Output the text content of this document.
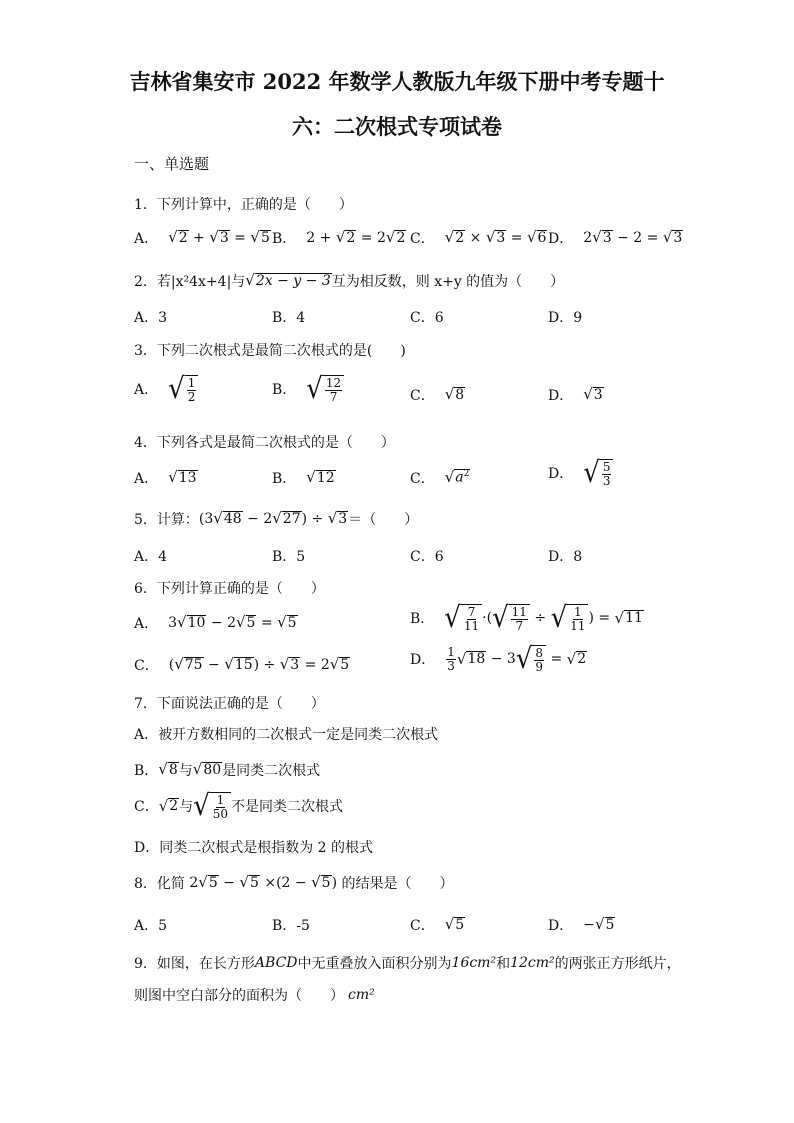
吉林省集安市 2022 年数学人教版九年级下册中考专题十
六：二次根式专项试卷
一、单选题
1．下列计算中，正确的是（　　）
A． √ 2 + √ 3 = √ 5 B． 2 + √ 2 = 2 √ 2 C． √ 2 × √ 3 = √ 6 D． 2 √ 3 − 2 = √ 3
2．若|x²4x+4|与 √ 2x − y − 3 互为相反数，则 x+y 的值为（　　）
A．3	B．4	C．6	D．9
3．下列二次根式是最简二次根式的是(　　)
A． √ $\frac{1}{2}$	B． √ $\frac{12}{7}$	C． √ 8	D． √ 3
4．下列各式是最简二次根式的是（　　）
A． √ 13	B． √ 12	C． √ $a^2$	D． √ $\frac{5}{3}$
5．计算： (3 √ 48 − 2 √ 27 ) ÷ √ 3 ＝（　　）
A．4	B．5	C．6	D．8
6．下列计算正确的是（　　）
A． 3 √ 10 − 2 √ 5 = √ 5	B． √ $\frac{7}{11}$ ·( √ $\frac{11}{7}$ ÷ √ $\frac{1}{11}$ ) = √ 11
C． ( √ 75 − √ 15 ) ÷ √ 3 = 2 √ 5	D． $\frac{1}{3}$ √ 18 − 3 √ $\frac{8}{9}$ = √ 2
7．下面说法正确的是（　　）
A．被开方数相同的二次根式一定是同类二次根式
B． √ 8 与 √ 80 是同类二次根式
C． √ 2 与 √ $\frac{1}{50}$ 不是同类二次根式
D．同类二次根式是根指数为 2 的根式
8．化简 2 √ 5 − √ 5 ×(2 − √ 5 ) 的结果是（　　）
A．5	B．-5	C． √ 5	D． − √ 5
9．如图，在长方形 ABCD 中无重叠放入面积分别为 16cm² 和 12cm² 的两张正方形纸片，
则图中空白部分的面积为（　　） cm²
